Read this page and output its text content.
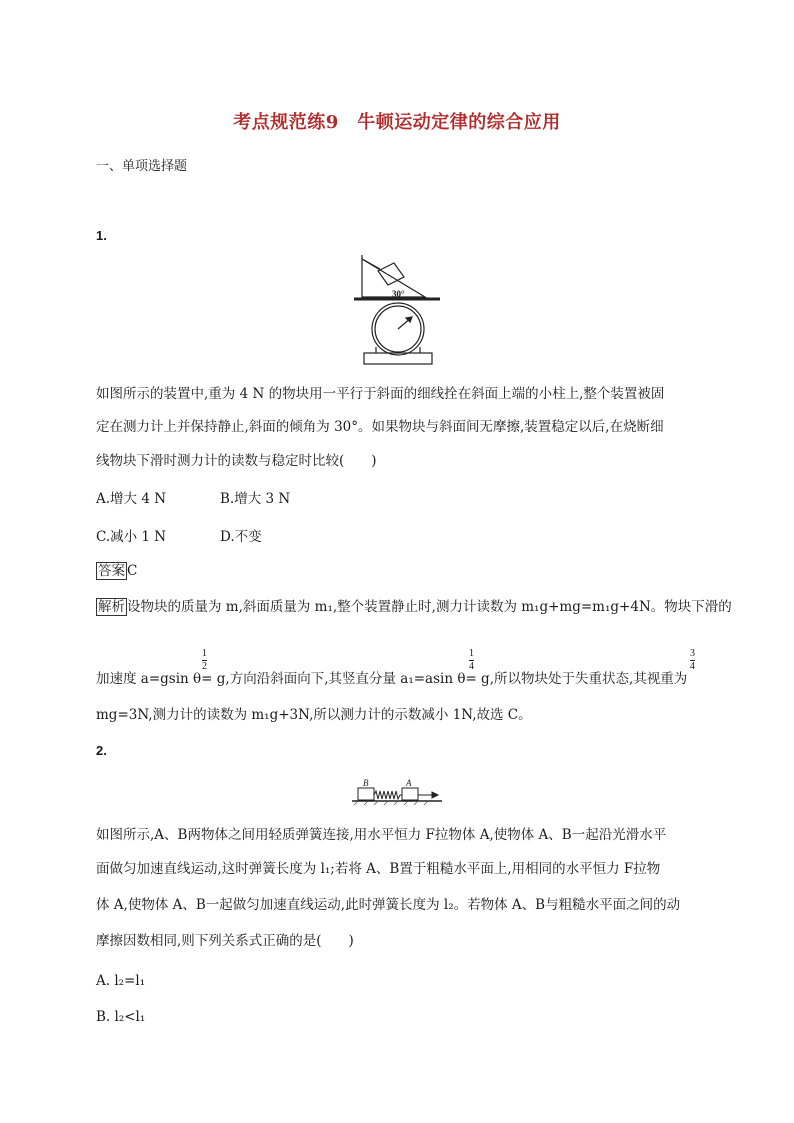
考点规范练9　牛顿运动定律的综合应用
一、单项选择题
1.
30°
如图所示的装置中,重为 4 N 的物块用一平行于斜面的细线拴在斜面上端的小柱上,整个装置被固
定在测力计上并保持静止,斜面的倾角为 30°。如果物块与斜面间无摩擦,装置稳定以后,在烧断细
线物块下滑时测力计的读数与稳定时比较(　　)
A.增大 4 N	B.增大 3 N
C.减小 1 N	D.不变
答案 C
解析 设物块的质量为 m,斜面质量为 m₁,整个装置静止时,测力计读数为 m₁g+mg=m₁g+4N。物块下滑的
$\frac{1}{2}$	$\frac{1}{4}$	$\frac{3}{4}$
加速度 a=gsin θ= g,方向沿斜面向下,其竖直分量 a₁=asin θ= g,所以物块处于失重状态,其视重为
mg=3N,测力计的读数为 m₁g+3N,所以测力计的示数减小 1N,故选 C。
2.
B	A
如图所示,A、B两物体之间用轻质弹簧连接,用水平恒力 F拉物体 A,使物体 A、B一起沿光滑水平
面做匀加速直线运动,这时弹簧长度为 l₁;若将 A、B置于粗糙水平面上,用相同的水平恒力 F拉物
体 A,使物体 A、B一起做匀加速直线运动,此时弹簧长度为 l₂。若物体 A、B与粗糙水平面之间的动
摩擦因数相同,则下列关系式正确的是(　　)
A. l₂=l₁
B. l₂<l₁
